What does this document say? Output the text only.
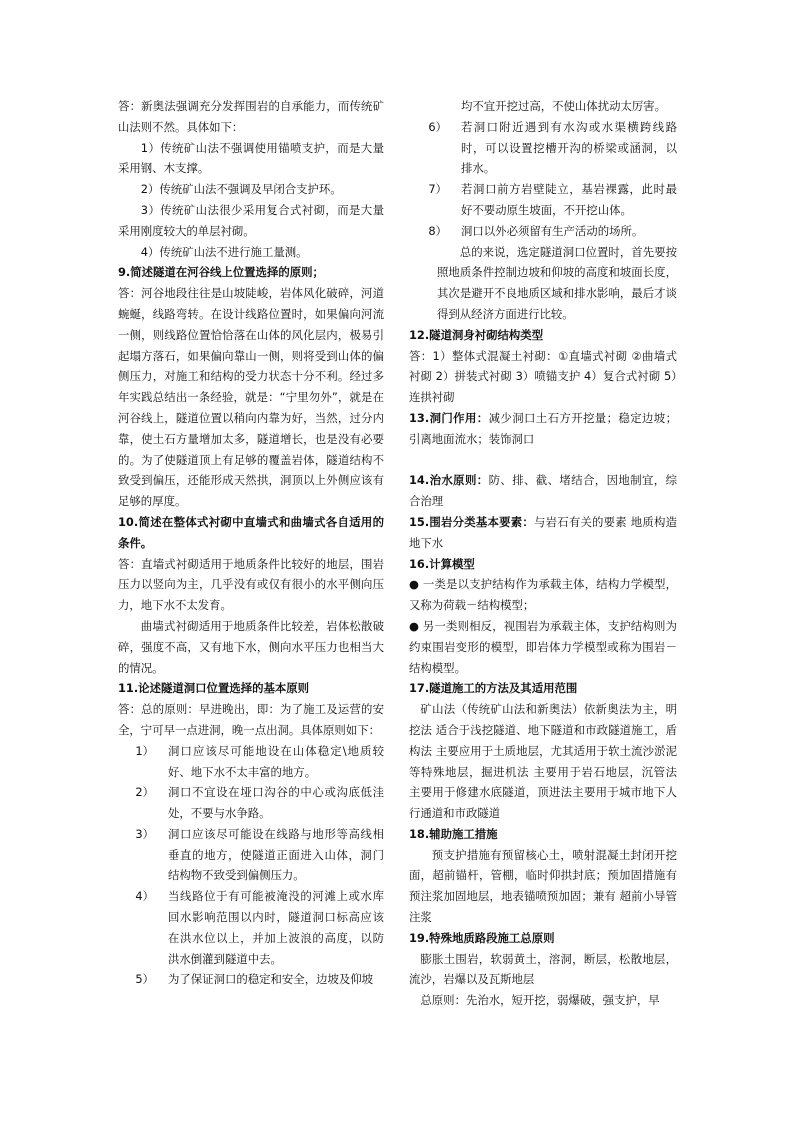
答：新奥法强调充分发挥围岩的自承能力，而传统矿山法则不然。具体如下：

1）传统矿山法不强调使用锚喷支护，而是大量采用钢、木支撑。

2）传统矿山法不强调及早闭合支护环。

3）传统矿山法很少采用复合式衬砌，而是大量采用刚度较大的单层衬砌。

4）传统矿山法不进行施工量测。

9.简述隧道在河谷线上位置选择的原则；

答：河谷地段往往是山坡陡峻，岩体风化破碎，河道蜿蜒，线路弯转。在设计线路位置时，如果偏向河流一侧，则线路位置恰恰落在山体的风化层内，极易引起塌方落石，如果偏向靠山一侧，则将受到山体的偏侧压力，对施工和结构的受力状态十分不利。经过多年实践总结出一条经验，就是：“宁里勿外”，就是在河谷线上，隧道位置以稍向内靠为好，当然，过分内靠，使土石方量增加太多，隧道增长，也是没有必要的。为了使隧道顶上有足够的覆盖岩体，隧道结构不致受到偏压，还能形成天然拱，洞顶以上外侧应该有足够的厚度。

10.简述在整体式衬砌中直墙式和曲墙式各自适用的条件。

答：直墙式衬砌适用于地质条件比较好的地层，围岩压力以竖向为主，几乎没有或仅有很小的水平侧向压力，地下水不太发育。

曲墙式衬砌适用于地质条件比较差，岩体松散破碎，强度不高，又有地下水，侧向水平压力也相当大的情况。

11.论述隧道洞口位置选择的基本原则

答：总的原则：早进晚出，即：为了施工及运营的安全，宁可早一点进洞，晚一点出洞。具体原则如下：

1）	洞口应该尽可能地设在山体稳定\地质较好、地下水不太丰富的地方。
2）	洞口不宜设在垭口沟谷的中心或沟底低洼处，不要与水争路。
3）	洞口应该尽可能设在线路与地形等高线相垂直的地方，使隧道正面进入山体，洞门结构物不致受到偏侧压力。
4）	当线路位于有可能被淹没的河滩上或水库回水影响范围以内时，隧道洞口标高应该在洪水位以上，并加上波浪的高度，以防洪水倒灌到隧道中去。
5）	为了保证洞口的稳定和安全，边坡及仰坡

均不宜开挖过高，不使山体扰动太厉害。

6）	若洞口附近遇到有水沟或水渠横跨线路时，可以设置挖槽开沟的桥梁或涵洞，以排水。
7）	若洞口前方岩壁陡立，基岩裸露，此时最好不要动原生坡面，不开挖山体。
8）	洞口以外必须留有生产活动的场所。

总的来说，选定隧道洞口位置时，首先要按照地质条件控制边坡和仰坡的高度和坡面长度，其次是避开不良地质区域和排水影响，最后才谈得到从经济方面进行比较。

12.隧道洞身衬砌结构类型

答：1）整体式混凝土衬砌：①直墙式衬砌 ②曲墙式衬砌 2）拼装式衬砌 3）喷锚支护 4）复合式衬砌 5）连拱衬砌

13.洞门作用：减少洞口土石方开挖量；稳定边坡；引离地面流水；装饰洞口

14.治水原则：防、排、截、堵结合，因地制宜，综合治理

15.围岩分类基本要素：与岩石有关的要素 地质构造 地下水

16.计算模型

● 一类是以支护结构作为承载主体，结构力学模型，又称为荷载－结构模型；

● 另一类则相反，视围岩为承载主体，支护结构则为约束围岩变形的模型，即岩体力学模型或称为围岩－结构模型。

17.隧道施工的方法及其适用范围

矿山法（传统矿山法和新奥法）依新奥法为主，明挖法 适合于浅挖隧道、地下隧道和市政隧道施工，盾构法 主要应用于土质地层，尤其适用于软土流沙淤泥等特殊地层，掘进机法 主要用于岩石地层，沉管法 主要用于修建水底隧道，顶进法主要用于城市地下人行通道和市政隧道

18.辅助施工措施

预支护措施有预留核心土，喷射混凝土封闭开挖面，超前锚杆，管棚，临时仰拱封底；预加固措施有预注浆加固地层，地表锚喷预加固；兼有 超前小导管注浆

19.特殊地质路段施工总原则

膨胀土围岩，软弱黄土，溶洞，断层，松散地层，流沙，岩爆以及瓦斯地层

总原则：先治水，短开挖，弱爆破，强支护，早
